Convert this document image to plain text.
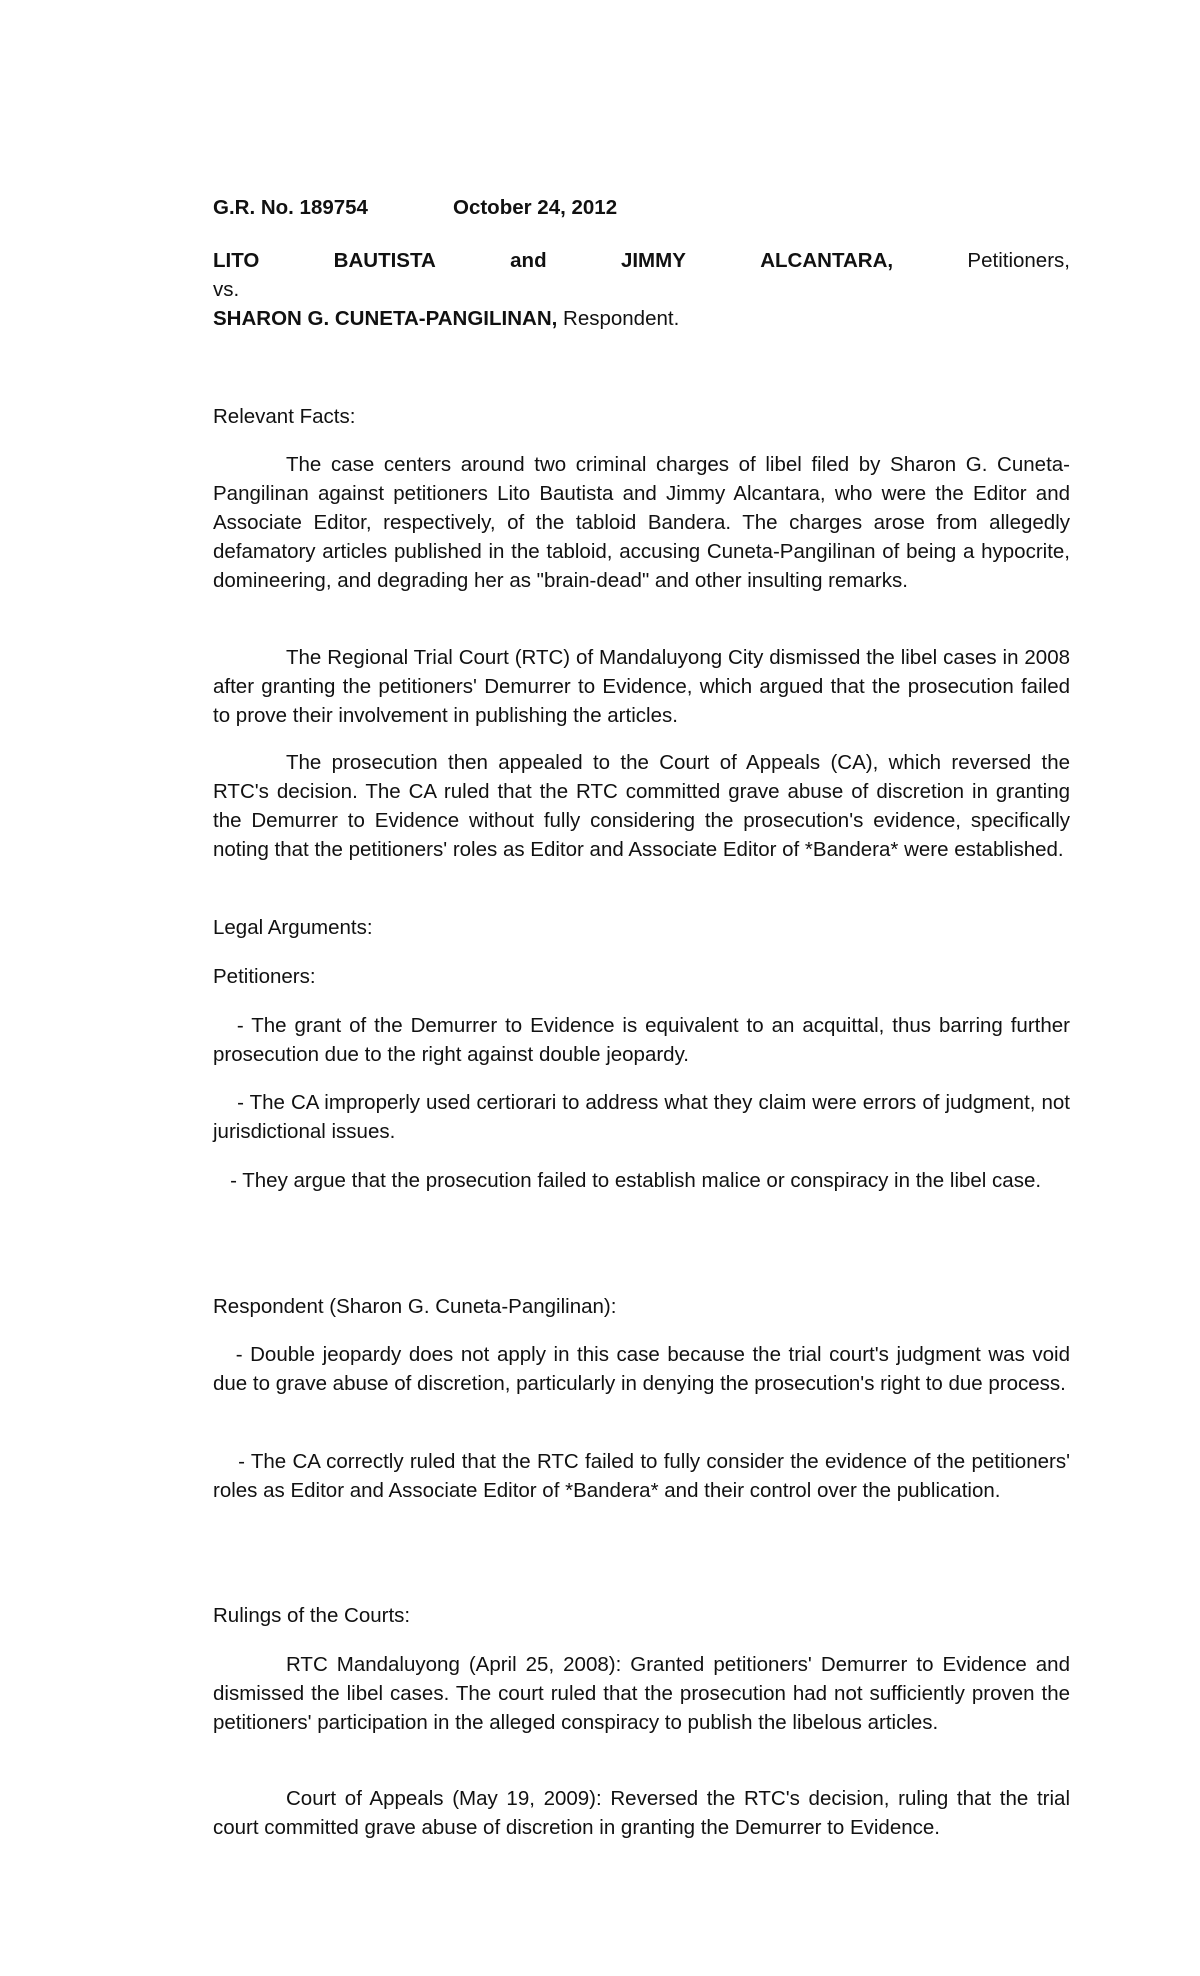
G.R. No. 189754	October 24, 2012
LITO	BAUTISTA	and	JIMMY	ALCANTARA,	Petitioners,
vs.
SHARON G. CUNETA-PANGILINAN, Respondent.
Relevant Facts:

The case centers around two criminal charges of libel filed by Sharon G. Cuneta-Pangilinan against petitioners Lito Bautista and Jimmy Alcantara, who were the Editor and Associate Editor, respectively, of the tabloid Bandera. The charges arose from allegedly defamatory articles published in the tabloid, accusing Cuneta-Pangilinan of being a hypocrite, domineering, and degrading her as "brain-dead" and other insulting remarks.

The Regional Trial Court (RTC) of Mandaluyong City dismissed the libel cases in 2008 after granting the petitioners' Demurrer to Evidence, which argued that the prosecution failed to prove their involvement in publishing the articles.

The prosecution then appealed to the Court of Appeals (CA), which reversed the RTC's decision. The CA ruled that the RTC committed grave abuse of discretion in granting the Demurrer to Evidence without fully considering the prosecution's evidence, specifically noting that the petitioners' roles as Editor and Associate Editor of *Bandera* were established.

Legal Arguments:
Petitioners:

- The grant of the Demurrer to Evidence is equivalent to an acquittal, thus barring further prosecution due to the right against double jeopardy.

- The CA improperly used certiorari to address what they claim were errors of judgment, not jurisdictional issues.

- They argue that the prosecution failed to establish malice or conspiracy in the libel case.

Respondent (Sharon G. Cuneta-Pangilinan):

- Double jeopardy does not apply in this case because the trial court's judgment was void due to grave abuse of discretion, particularly in denying the prosecution's right to due process.

- The CA correctly ruled that the RTC failed to fully consider the evidence of the petitioners' roles as Editor and Associate Editor of *Bandera* and their control over the publication.

Rulings of the Courts:

RTC Mandaluyong (April 25, 2008): Granted petitioners' Demurrer to Evidence and dismissed the libel cases. The court ruled that the prosecution had not sufficiently proven the petitioners' participation in the alleged conspiracy to publish the libelous articles.

Court of Appeals (May 19, 2009): Reversed the RTC's decision, ruling that the trial court committed grave abuse of discretion in granting the Demurrer to Evidence.
